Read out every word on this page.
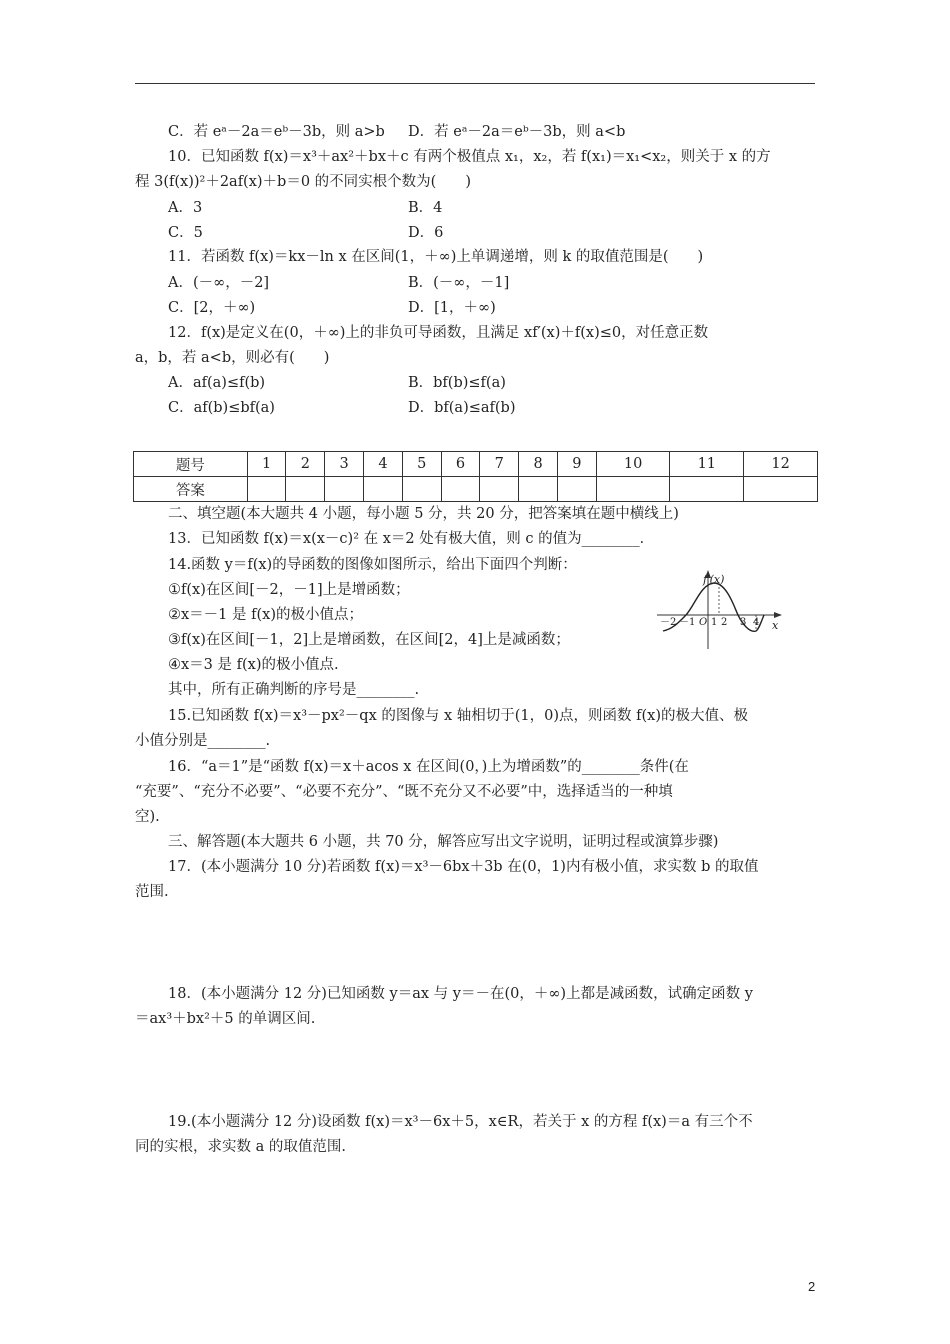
C．若 eᵃ－2a＝eᵇ－3b，则 a>b D．若 eᵃ－2a＝eᵇ－3b，则 a<b
10．已知函数 f(x)＝x³＋ax²＋bx＋c 有两个极值点 x₁，x₂，若 f(x₁)＝x₁<x₂，则关于 x 的方
程 3(f(x))²＋2af(x)＋b＝0 的不同实根个数为(　　)
A．3	B．4
C．5	D．6
11．若函数 f(x)＝kx－ln x 在区间(1，＋∞)上单调递增，则 k 的取值范围是(　　)
A．(－∞，－2]	B．(－∞，－1]
C．[2，＋∞)	D．[1，＋∞)
12．f(x)是定义在(0，＋∞)上的非负可导函数，且满足 xf′(x)＋f(x)≤0，对任意正数
a，b，若 a<b，则必有(　　)
A．af(a)≤f(b)	B．bf(b)≤f(a)
C．af(b)≤bf(a)	D．bf(a)≤af(b)
题号	1	2	3	4	5	6	7	8	9	10	11	12
答案												
二、填空题(本大题共 4 小题，每小题 5 分，共 20 分，把答案填在题中横线上)
13．已知函数 f(x)＝x(x－c)² 在 x＝2 处有极大值，则 c 的值为________．
14.函数 y＝f(x)的导函数的图像如图所示，给出下面四个判断：
①f(x)在区间[－2，－1]上是增函数；
②x＝－1 是 f(x)的极小值点；
③f(x)在区间[－1，2]上是增函数，在区间[2，4]上是减函数；
④x＝3 是 f(x)的极小值点.
其中，所有正确判断的序号是________.
f′(x)
x
－2 －1 O 1 2 3 4
15.已知函数 f(x)＝x³－px²－qx 的图像与 x 轴相切于(1，0)点，则函数 f(x)的极大值、极
小值分别是________.
16．“a＝1”是“函数 f(x)＝x＋acos x 在区间(0，)上为增函数”的________条件(在
“充要”、“充分不必要”、“必要不充分”、“既不充分又不必要”中，选择适当的一种填
空).
三、解答题(本大题共 6 小题，共 70 分，解答应写出文字说明，证明过程或演算步骤)
17．(本小题满分 10 分)若函数 f(x)＝x³－6bx＋3b 在(0，1)内有极小值，求实数 b 的取值
范围.
18．(本小题满分 12 分)已知函数 y＝ax 与 y＝－在(0，＋∞)上都是减函数，试确定函数 y
＝ax³＋bx²＋5 的单调区间.
19.(本小题满分 12 分)设函数 f(x)＝x³－6x＋5，x∈R，若关于 x 的方程 f(x)＝a 有三个不
同的实根，求实数 a 的取值范围.
2
